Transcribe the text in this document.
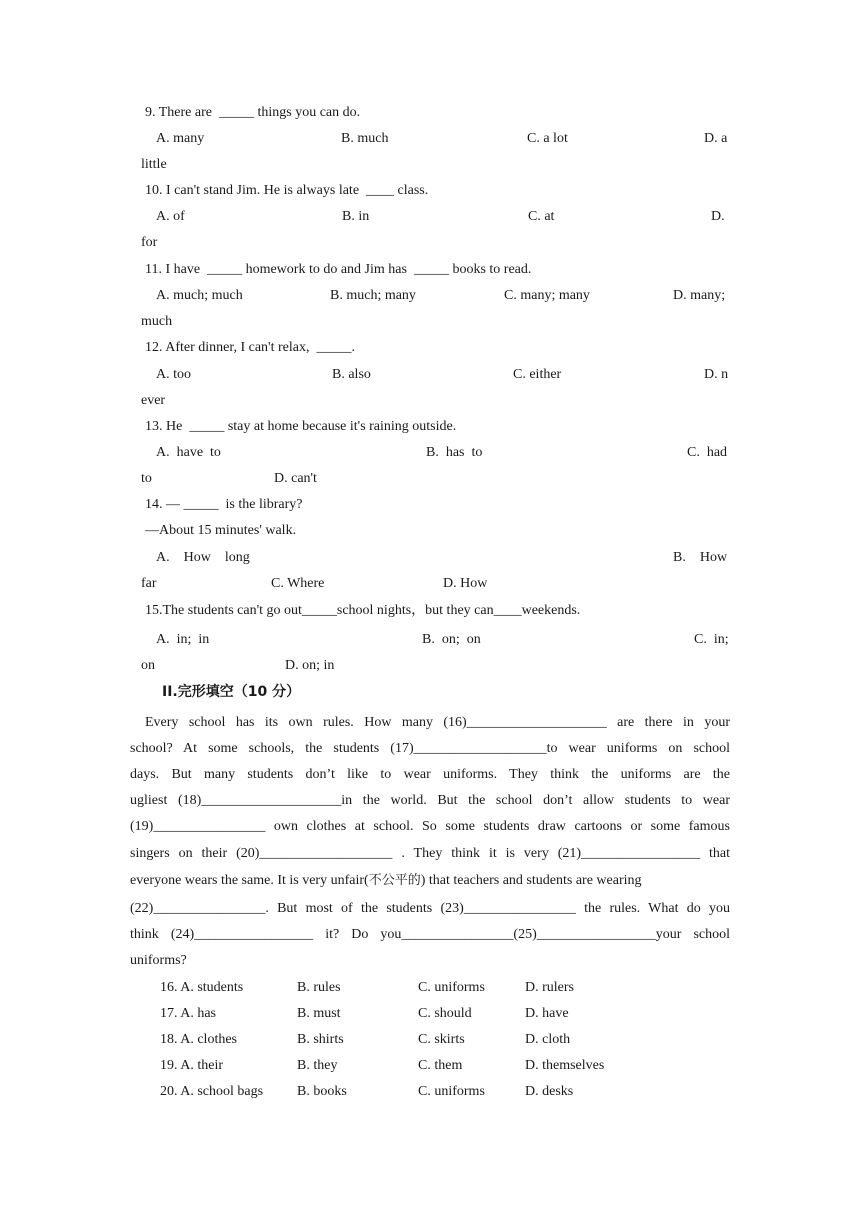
9. There are  _____ things you can do.
A. many	B. much	C. a lot	D. a
little
10. I can't stand Jim. He is always late  ____ class.
A. of	B. in	C. at	D.
for
11. I have  _____ homework to do and Jim has  _____ books to read.
A. much; much	B. much; many	C. many; many	D. many;
much
12. After dinner, I can't relax,  _____.
A. too	B. also	C. either	D. n
ever
13. He  _____ stay at home because it's raining outside.
A.  have  to	B.  has  to	C.  had
to	D. can't
14. — _____  is the library?
—About 15 minutes' walk.
A.    How    long	B.    How
far	C. Where	D. How
15.The students can't go out_____school nights，but they can____weekends.
A.  in;  in	B.  on;  on	C.  in;
on	D. on; in
II.完形填空（10 分）
Every school has its own rules. How many (16)____________________ are there in your
school? At some schools, the students (17)___________________to wear uniforms on school
days. But many students don’t like to wear uniforms. They think the uniforms are the
ugliest (18)____________________in the world. But the school don’t allow students to wear
(19)________________ own clothes at school. So some students draw cartoons or some famous
singers on their (20)___________________ . They think it is very (21)_________________ that
everyone wears the same. It is very unfair(不公平的) that teachers and students are wearing
(22)________________. But most of the students (23)________________ the rules. What do you
think (24)_________________ it? Do you________________(25)_________________your school
uniforms?
16. A. students	B. rules	C. uniforms	D. rulers
17. A. has	B. must	C. should	D. have
18. A. clothes	B. shirts	C. skirts	D. cloth
19. A. their	B. they	C. them	D. themselves
20. A. school bags B. books	C. uniforms	D. desks
